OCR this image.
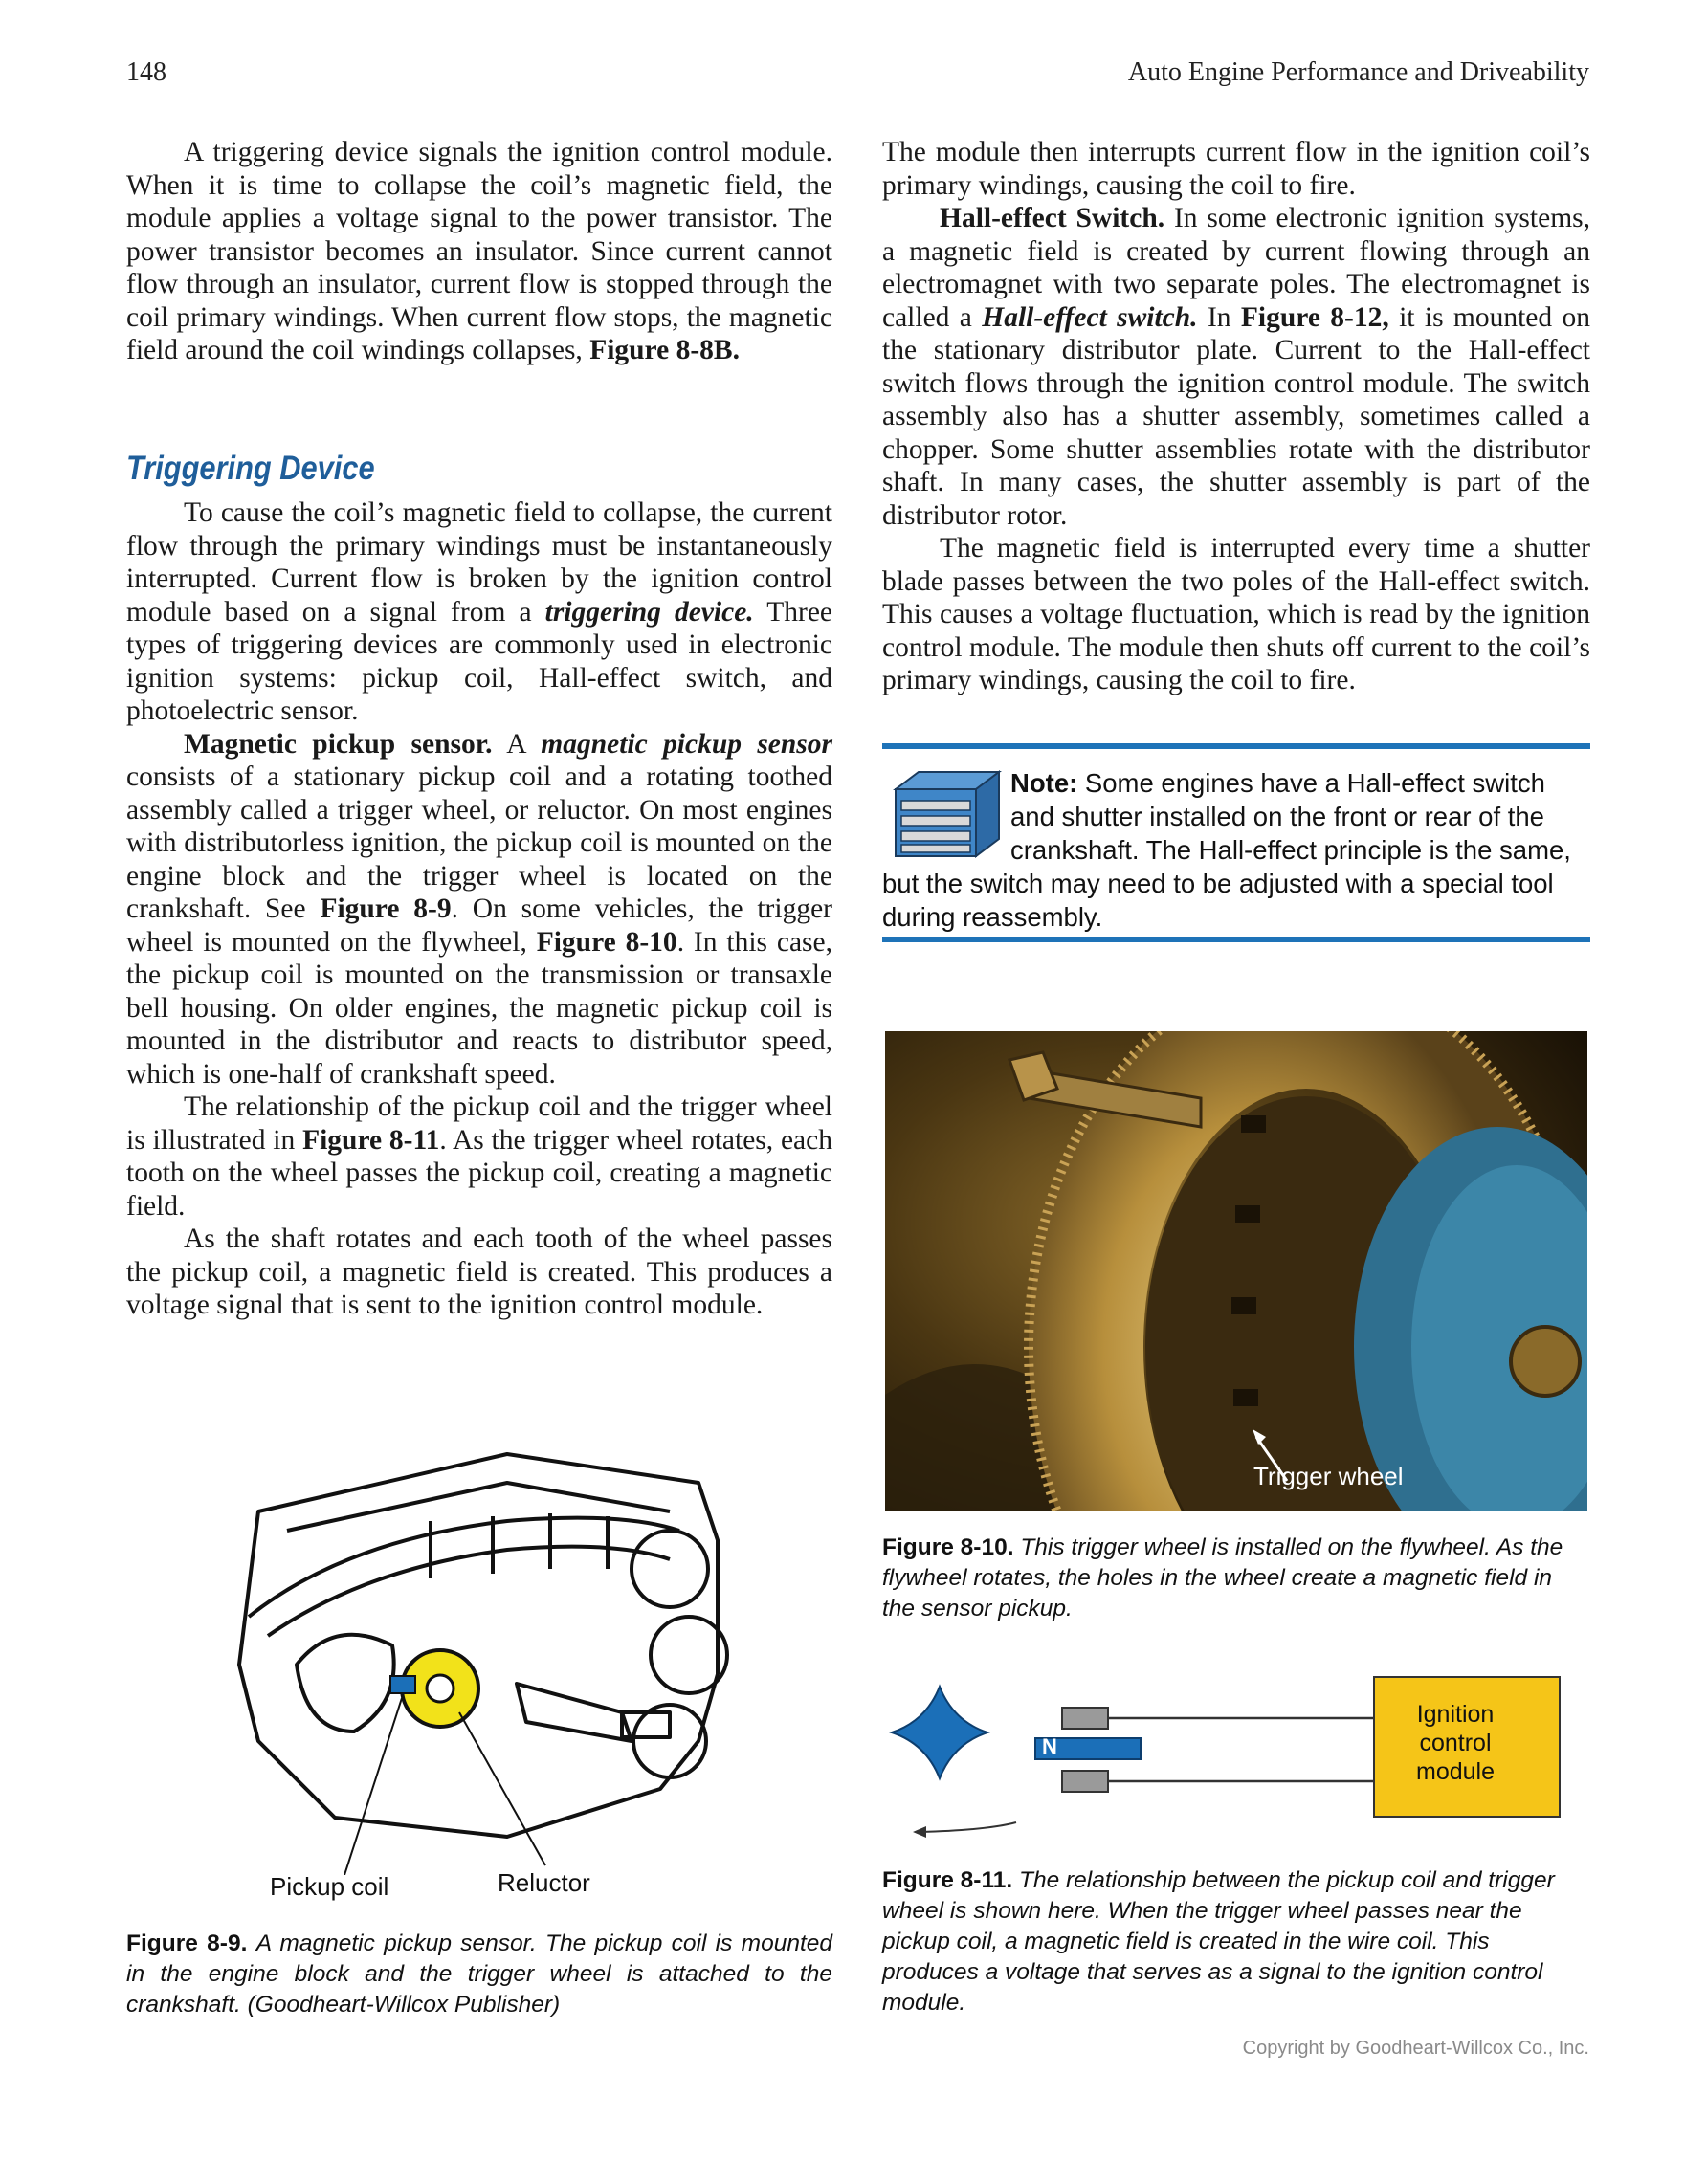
148	Auto Engine Performance and Driveability

A triggering device signals the ignition control module. When it is time to collapse the coil’s magnetic field, the module applies a voltage signal to the power transistor. The power transistor becomes an insulator. Since current cannot flow through an insulator, current flow is stopped through the coil primary windings. When current flow stops, the magnetic field around the coil windings collapses, Figure 8-8B.

Triggering Device

To cause the coil’s magnetic field to collapse, the current flow through the primary windings must be instantaneously interrupted. Current flow is broken by the ignition control module based on a signal from a triggering device. Three types of triggering devices are commonly used in electronic ignition systems: pickup coil, Hall-effect switch, and photoelectric sensor.

Magnetic pickup sensor. A magnetic pickup sensor consists of a stationary pickup coil and a rotating toothed assembly called a trigger wheel, or reluctor. On most engines with distributorless ignition, the pickup coil is mounted on the engine block and the trigger wheel is located on the crankshaft. See Figure 8-9. On some vehicles, the trigger wheel is mounted on the flywheel, Figure 8-10. In this case, the pickup coil is mounted on the transmission or transaxle bell housing. On older engines, the magnetic pickup coil is mounted in the distributor and reacts to distributor speed, which is one-half of crankshaft speed.

The relationship of the pickup coil and the trigger wheel is illustrated in Figure 8-11. As the trigger wheel rotates, each tooth on the wheel passes the pickup coil, creating a magnetic field.

As the shaft rotates and each tooth of the wheel passes the pickup coil, a magnetic field is created. This produces a voltage signal that is sent to the ignition control module.

The module then interrupts current flow in the ignition coil’s primary windings, causing the coil to fire.

Hall-effect Switch. In some electronic ignition systems, a magnetic field is created by current flowing through an electromagnet with two separate poles. The electromagnet is called a Hall-effect switch. In Figure 8-12, it is mounted on the stationary distributor plate. Current to the Hall-effect switch flows through the ignition control module. The switch assembly also has a shutter assembly, sometimes called a chopper. Some shutter assemblies rotate with the distributor shaft. In many cases, the shutter assembly is part of the distributor rotor.

The magnetic field is interrupted every time a shutter blade passes between the two poles of the Hall-effect switch. This causes a voltage fluctuation, which is read by the ignition control module. The module then shuts off current to the coil’s primary windings, causing the coil to fire.

Note: Some engines have a Hall-effect switch and shutter installed on the front or rear of the crankshaft. The Hall-effect principle is the same, but the switch may need to be adjusted with a special tool during reassembly.
Trigger wheel
Figure 8-10. This trigger wheel is installed on the flywheel. As the flywheel rotates, the holes in the wheel create a magnetic field in the sensor pickup.
S N
Ignition control module
Figure 8-11. The relationship between the pickup coil and trigger wheel is shown here. When the trigger wheel passes near the pickup coil, a magnetic field is created in the wire coil. This produces a voltage that serves as a signal to the ignition control module.
Pickup coil	Reluctor
Figure 8-9. A magnetic pickup sensor. The pickup coil is mounted in the engine block and the trigger wheel is attached to the crankshaft. (Goodheart-Willcox Publisher)
Copyright by Goodheart-Willcox Co., Inc.
